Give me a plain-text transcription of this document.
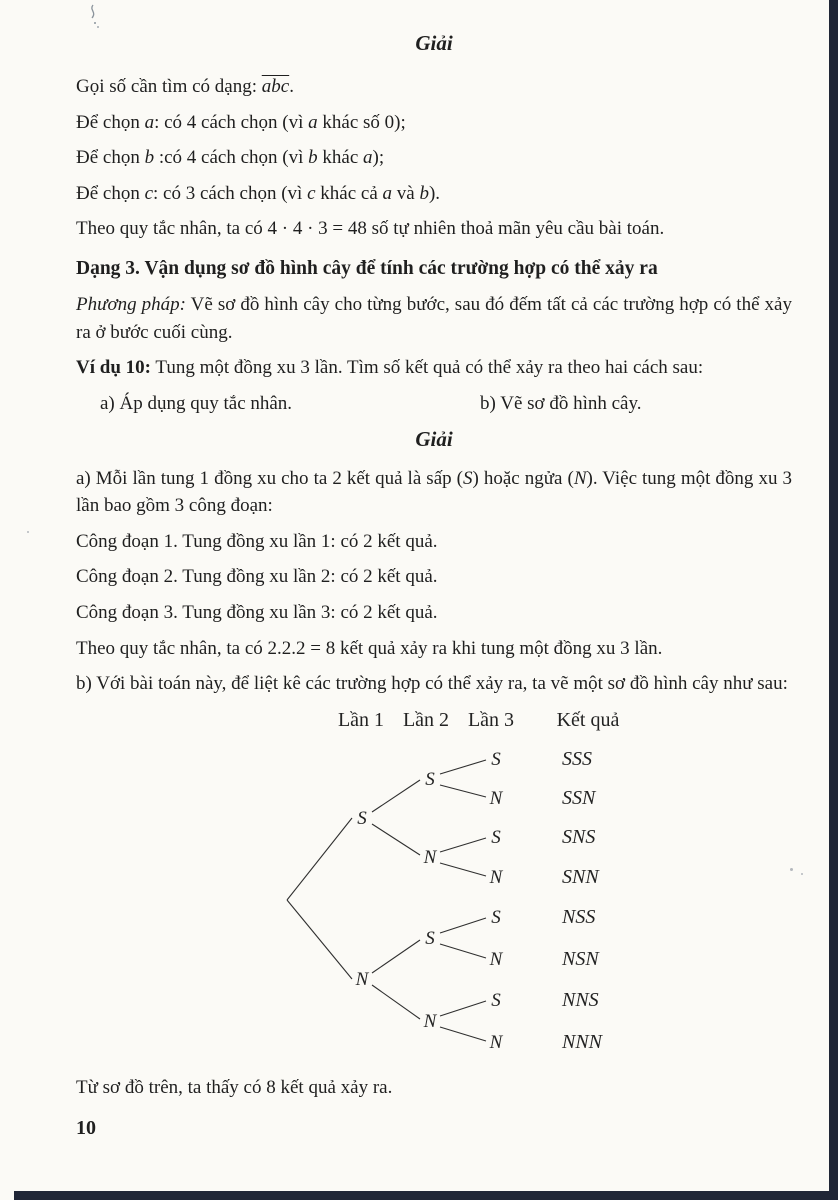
Giải

Gọi số cần tìm có dạng: $\overline{abc}$.

Để chọn a: có 4 cách chọn (vì a khác số 0);

Để chọn b :có 4 cách chọn (vì b khác a);

Để chọn c: có 3 cách chọn (vì c khác cả a và b).

Theo quy tắc nhân, ta có 4 · 4 · 3 = 48 số tự nhiên thoả mãn yêu cầu bài toán.

Dạng 3. Vận dụng sơ đồ hình cây để tính các trường hợp có thể xảy ra

Phương pháp: Vẽ sơ đồ hình cây cho từng bước, sau đó đếm tất cả các trường hợp có thể xảy ra ở bước cuối cùng.

Ví dụ 10: Tung một đồng xu 3 lần. Tìm số kết quả có thể xảy ra theo hai cách sau:

a) Áp dụng quy tắc nhân.	b) Vẽ sơ đồ hình cây.
Giải

a) Mỗi lần tung 1 đồng xu cho ta 2 kết quả là sấp (S) hoặc ngửa (N). Việc tung một đồng xu 3 lần bao gồm 3 công đoạn:

Công đoạn 1. Tung đồng xu lần 1: có 2 kết quả.

Công đoạn 2. Tung đồng xu lần 2: có 2 kết quả.

Công đoạn 3. Tung đồng xu lần 3: có 2 kết quả.

Theo quy tắc nhân, ta có 2.2.2 = 8 kết quả xảy ra khi tung một đồng xu 3 lần.

b) Với bài toán này, để liệt kê các trường hợp có thể xảy ra, ta vẽ một sơ đồ hình cây như sau:

Lần 1 Lần 2 Lần 3 Kết quả
S
N
S
N
S
N
S
N
S
N
S
N
S
N
SSS
SSN
SNS
SNN
NSS
NSN
NNS
NNN

Từ sơ đồ trên, ta thấy có 8 kết quả xảy ra.

10
